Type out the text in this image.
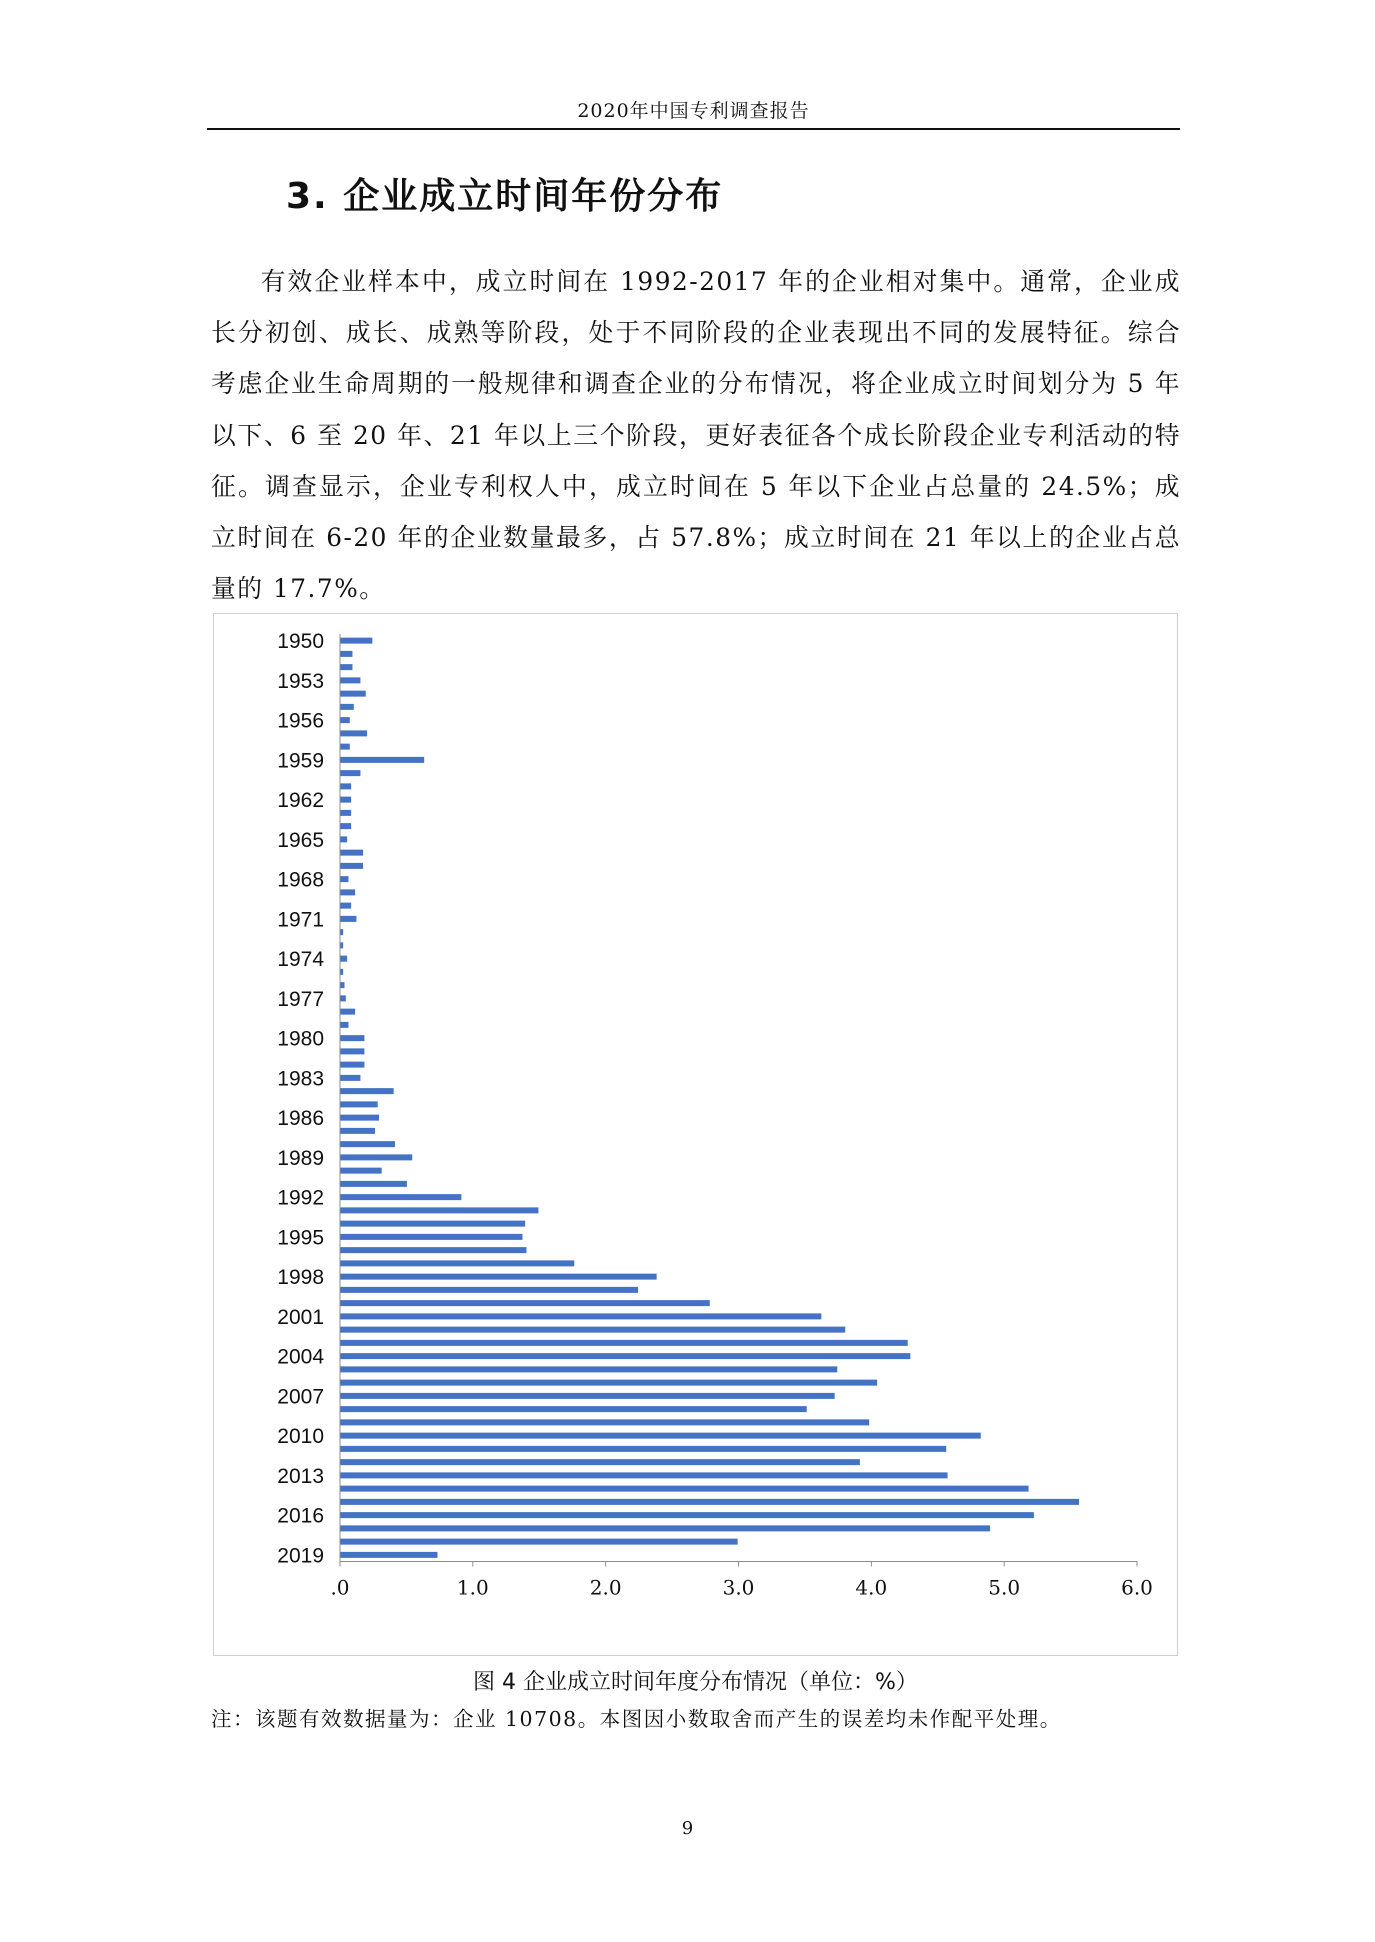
2020年中国专利调查报告
3. 企业成立时间年份分布

有效企业样本中，成立时间在 1992-2017 年的企业相对集中。通常，企业成长分初创、成长、成熟等阶段，处于不同阶段的企业表现出不同的发展特征。综合考虑企业生命周期的一般规律和调查企业的分布情况，将企业成立时间划分为 5 年以下、6 至 20 年、21 年以上三个阶段，更好表征各个成长阶段企业专利活动的特征。调查显示，企业专利权人中，成立时间在 5 年以下企业占总量的 24.5%；成立时间在 6-20 年的企业数量最多，占 57.8%；成立时间在 21 年以上的企业占总量的 17.7%。

1950
1953
1956
1959
1962
1965
1968
1971
1974
1977
1980
1983
1986
1989
1992
1995
1998
2001
2004
2007
2010
2013
2016
2019
.0	1.0	2.0	3.0	4.0	5.0	6.0
图 4 企业成立时间年度分布情况（单位：%）
注：该题有效数据量为：企业 10708。本图因小数取舍而产生的误差均未作配平处理。
9
